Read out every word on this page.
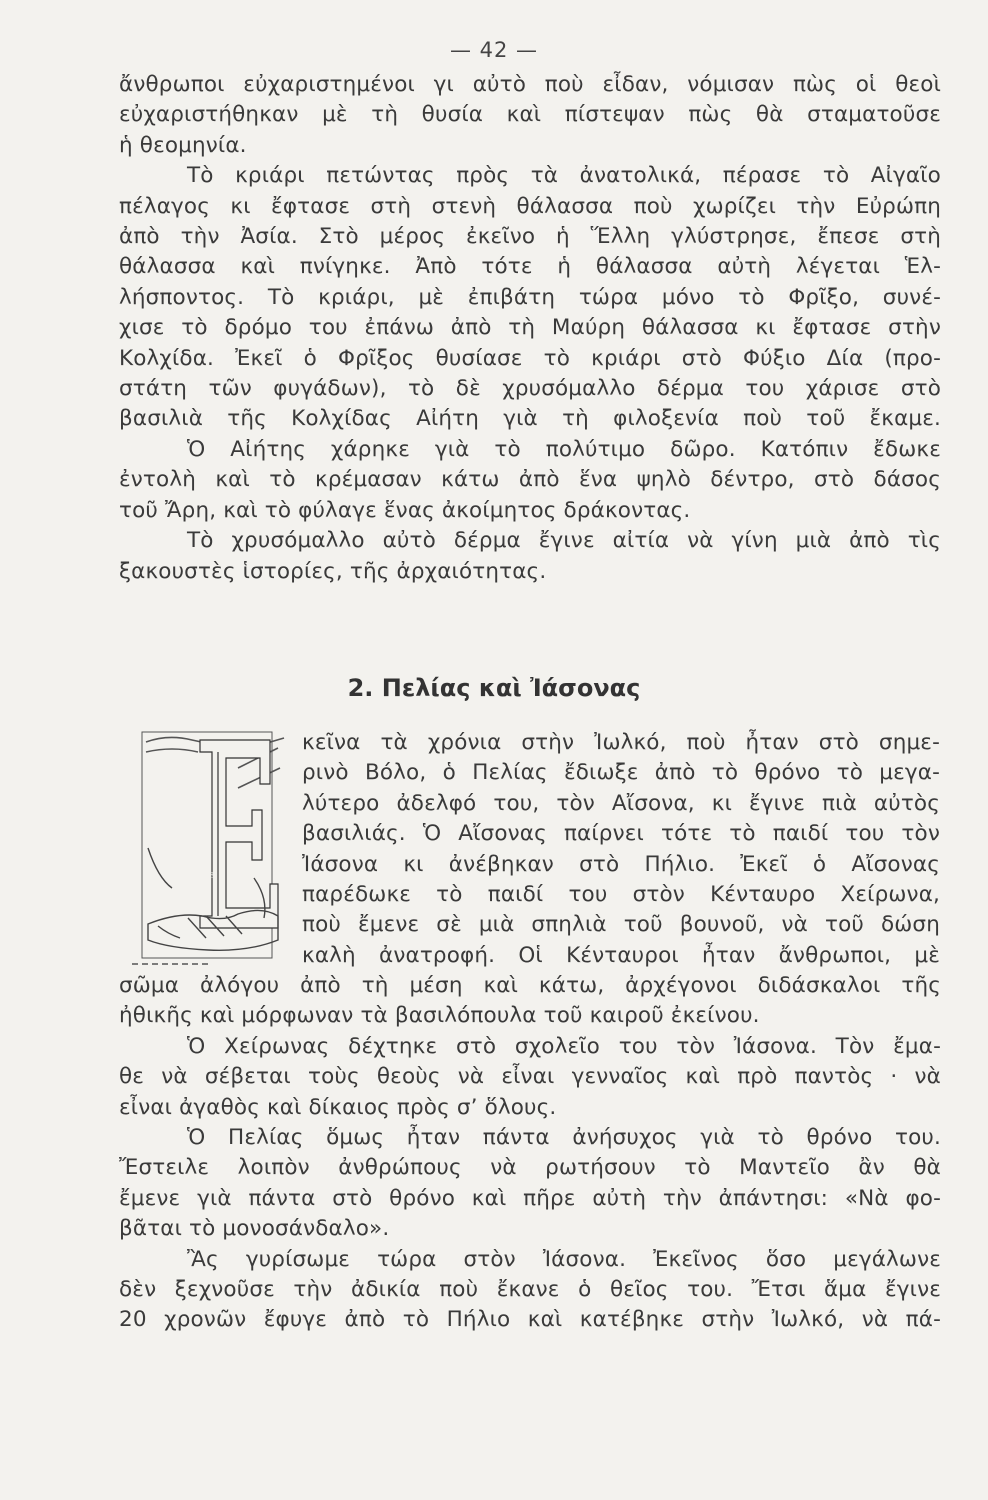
— 42 —
ἄνθρωποι εὐχαριστημένοι γι αὐτὸ ποὺ εἶδαν, νόμισαν πὼς οἱ θεοὶ
εὐχαριστήθηκαν μὲ τὴ θυσία καὶ πίστεψαν πὼς θὰ σταματοῦσε
ἡ θεομηνία.
Τὸ κριάρι πετώντας πρὸς τὰ ἀνατολικά, πέρασε τὸ Αἰγαῖο
πέλαγος κι ἔφτασε στὴ στενὴ θάλασσα ποὺ χωρίζει τὴν Εὐρώπη
ἀπὸ τὴν Ἀσία. Στὸ μέρος ἐκεῖνο ἡ Ἕλλη γλύστρησε, ἔπεσε στὴ
θάλασσα καὶ πνίγηκε. Ἀπὸ τότε ἡ θάλασσα αὐτὴ λέγεται Ἑλ-
λήσποντος. Τὸ κριάρι, μὲ ἐπιβάτη τώρα μόνο τὸ Φρῖξο, συνέ-
χισε τὸ δρόμο του ἐπάνω ἀπὸ τὴ Μαύρη θάλασσα κι ἔφτασε στὴν
Κολχίδα. Ἐκεῖ ὁ Φρῖξος θυσίασε τὸ κριάρι στὸ Φύξιο Δία (προ-
στάτη τῶν φυγάδων), τὸ δὲ χρυσόμαλλο δέρμα του χάρισε στὸ
βασιλιὰ τῆς Κολχίδας Αἰήτη γιὰ τὴ φιλοξενία ποὺ τοῦ ἔκαμε.
Ὁ Αἰήτης χάρηκε γιὰ τὸ πολύτιμο δῶρο. Κατόπιν ἔδωκε
ἐντολὴ καὶ τὸ κρέμασαν κάτω ἀπὸ ἕνα ψηλὸ δέντρο, στὸ δάσος
τοῦ Ἄρη, καὶ τὸ φύλαγε ἕνας ἀκοίμητος δράκοντας.
Τὸ χρυσόμαλλο αὐτὸ δέρμα ἔγινε αἰτία νὰ γίνη μιὰ ἀπὸ τὶς
ξακουστὲς ἱστορίες, τῆς ἀρχαιότητας.
2. Πελίας καὶ Ἰάσονας
Ε
κεῖνα τὰ χρόνια στὴν Ἰωλκό, ποὺ ἦταν στὸ σημε-
ρινὸ Βόλο, ὁ Πελίας ἔδιωξε ἀπὸ τὸ θρόνο τὸ μεγα-
λύτερο ἀδελφό του, τὸν Αἴσονα, κι ἔγινε πιὰ αὐτὸς
βασιλιάς. Ὁ Αἴσονας παίρνει τότε τὸ παιδί του τὸν
Ἰάσονα κι ἀνέβηκαν στὸ Πήλιο. Ἐκεῖ ὁ Αἴσονας
παρέδωκε τὸ παιδί του στὸν Κένταυρο Χείρωνα,
ποὺ ἔμενε σὲ μιὰ σπηλιὰ τοῦ βουνοῦ, νὰ τοῦ δώση
καλὴ ἀνατροφή. Οἱ Κένταυροι ἦταν ἄνθρωποι, μὲ
σῶμα ἀλόγου ἀπὸ τὴ μέση καὶ κάτω, ἀρχέγονοι διδάσκαλοι τῆς
ἠθικῆς καὶ μόρφωναν τὰ βασιλόπουλα τοῦ καιροῦ ἐκείνου.
Ὁ Χείρωνας δέχτηκε στὸ σχολεῖο του τὸν Ἰάσονα. Τὸν ἔμα-
θε νὰ σέβεται τοὺς θεοὺς νὰ εἶναι γενναῖος καὶ πρὸ παντὸς · νὰ
εἶναι ἀγαθὸς καὶ δίκαιος πρὸς σ’ ὅλους.
Ὁ Πελίας ὅμως ἦταν πάντα ἀνήσυχος γιὰ τὸ θρόνο του.
Ἔστειλε λοιπὸν ἀνθρώπους νὰ ρωτήσουν τὸ Μαντεῖο ἂν θὰ
ἔμενε γιὰ πάντα στὸ θρόνο καὶ πῆρε αὐτὴ τὴν ἀπάντησι: «Νὰ φο-
βᾶται τὸ μονοσάνδαλο».
Ἂς γυρίσωμε τώρα στὸν Ἰάσονα. Ἐκεῖνος ὅσο μεγάλωνε
δὲν ξεχνοῦσε τὴν ἀδικία ποὺ ἔκανε ὁ θεῖος του. Ἔτσι ἅμα ἔγινε
20 χρονῶν ἔφυγε ἀπὸ τὸ Πήλιο καὶ κατέβηκε στὴν Ἰωλκό, νὰ πά-
